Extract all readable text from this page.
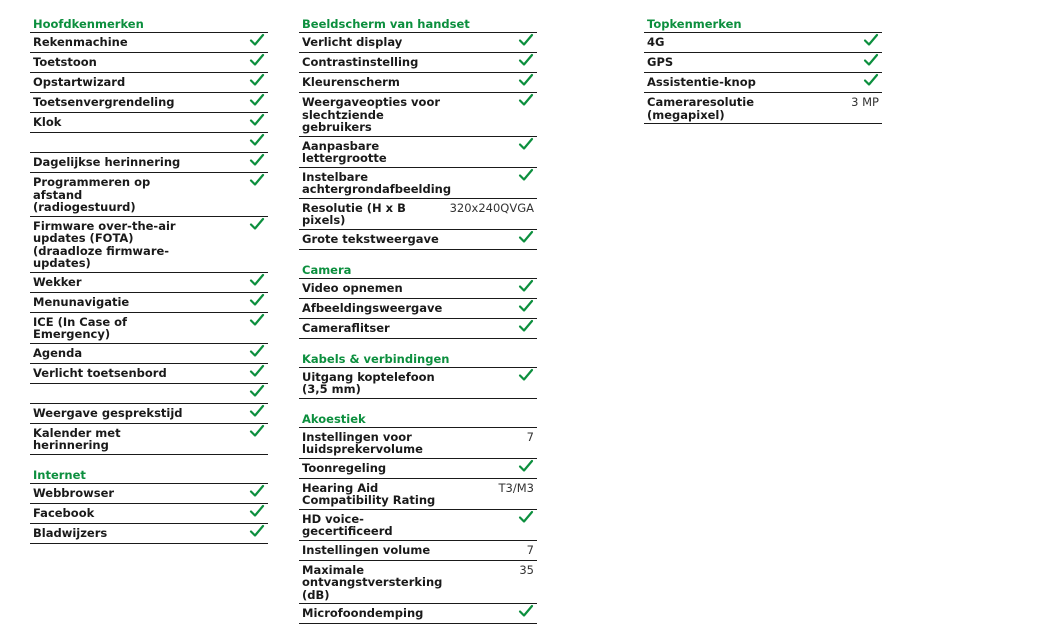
Hoofdkenmerken
Rekenmachine
Toetstoon
Opstartwizard
Toetsenvergrendeling
Klok
Dagelijkse herinnering
Programmeren op afstand (radiogestuurd)
Firmware over-the-air updates (FOTA) (draadloze firmware-updates)
Wekker
Menunavigatie
ICE (In Case of Emergency)
Agenda
Verlicht toetsenbord
Weergave gesprekstijd
Kalender met herinnering
Internet
Webbrowser
Facebook
Bladwijzers
Beeldscherm van handset
Verlicht display
Contrastinstelling
Kleurenscherm
Weergaveopties voor slechtziende gebruikers
Aanpasbare lettergrootte
Instelbare achtergrondafbeelding
Resolutie (H x B pixels)
320x240QVGA
Grote tekstweergave
Camera
Video opnemen
Afbeeldingsweergave
Cameraflitser
Kabels & verbindingen
Uitgang koptelefoon (3,5 mm)
Akoestiek
Instellingen voor luidsprekervolume
7
Toonregeling
Hearing Aid Compatibility Rating
T3/M3
HD voice-gecertificeerd
Instellingen volume	7
Maximale ontvangstversterking (dB)
35
Microfoondemping
Topkenmerken
4G
GPS
Assistentie-knop
Cameraresolutie (megapixel)
3 MP
